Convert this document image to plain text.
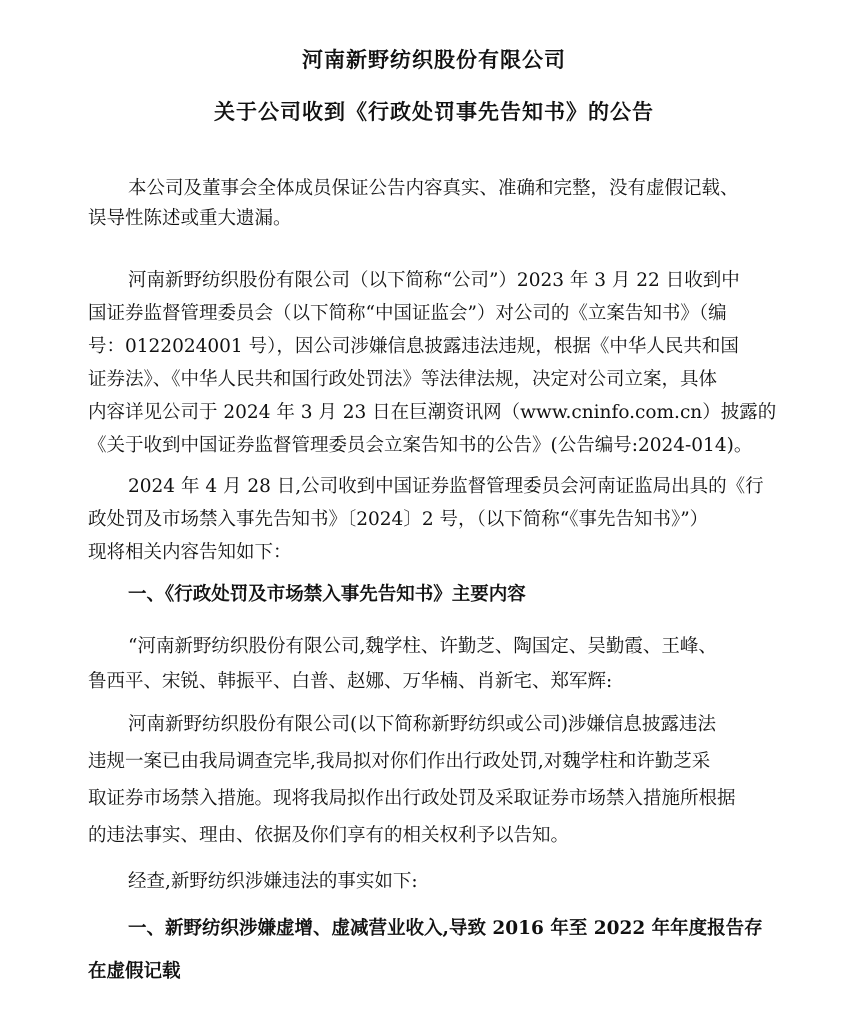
河南新野纺织股份有限公司
关于公司收到《行政处罚事先告知书》的公告
本公司及董事会全体成员保证公告内容真实、准确和完整，没有虚假记载、
误导性陈述或重大遗漏。
河南新野纺织股份有限公司（以下简称“公司”）2023 年 3 月 22 日收到中
国证券监督管理委员会（以下简称“中国证监会”）对公司的《立案告知书》（编
号：0122024001 号），因公司涉嫌信息披露违法违规，根据《中华人民共和国
证券法》、《中华人民共和国行政处罚法》等法律法规，决定对公司立案，具体
内容详见公司于 2024 年 3 月 23 日在巨潮资讯网（www.cninfo.com.cn）披露的
《关于收到中国证券监督管理委员会立案告知书的公告》(公告编号:2024-014)。
2024 年 4 月 28 日,公司收到中国证券监督管理委员会河南证监局出具的《行
政处罚及市场禁入事先告知书》〔2024〕2 号，（以下简称“《事先告知书》”）
现将相关内容告知如下：
一、《行政处罚及市场禁入事先告知书》主要内容
“河南新野纺织股份有限公司,魏学柱、许勤芝、陶国定、吴勤霞、王峰、
鲁西平、宋锐、韩振平、白普、赵娜、万华楠、肖新宅、郑军辉:
河南新野纺织股份有限公司(以下简称新野纺织或公司)涉嫌信息披露违法
违规一案已由我局调查完毕,我局拟对你们作出行政处罚,对魏学柱和许勤芝采
取证券市场禁入措施。现将我局拟作出行政处罚及采取证券市场禁入措施所根据
的违法事实、理由、依据及你们享有的相关权利予以告知。
经查,新野纺织涉嫌违法的事实如下:
一、新野纺织涉嫌虚增、虚减营业收入,导致 2016 年至 2022 年年度报告存
在虚假记载
